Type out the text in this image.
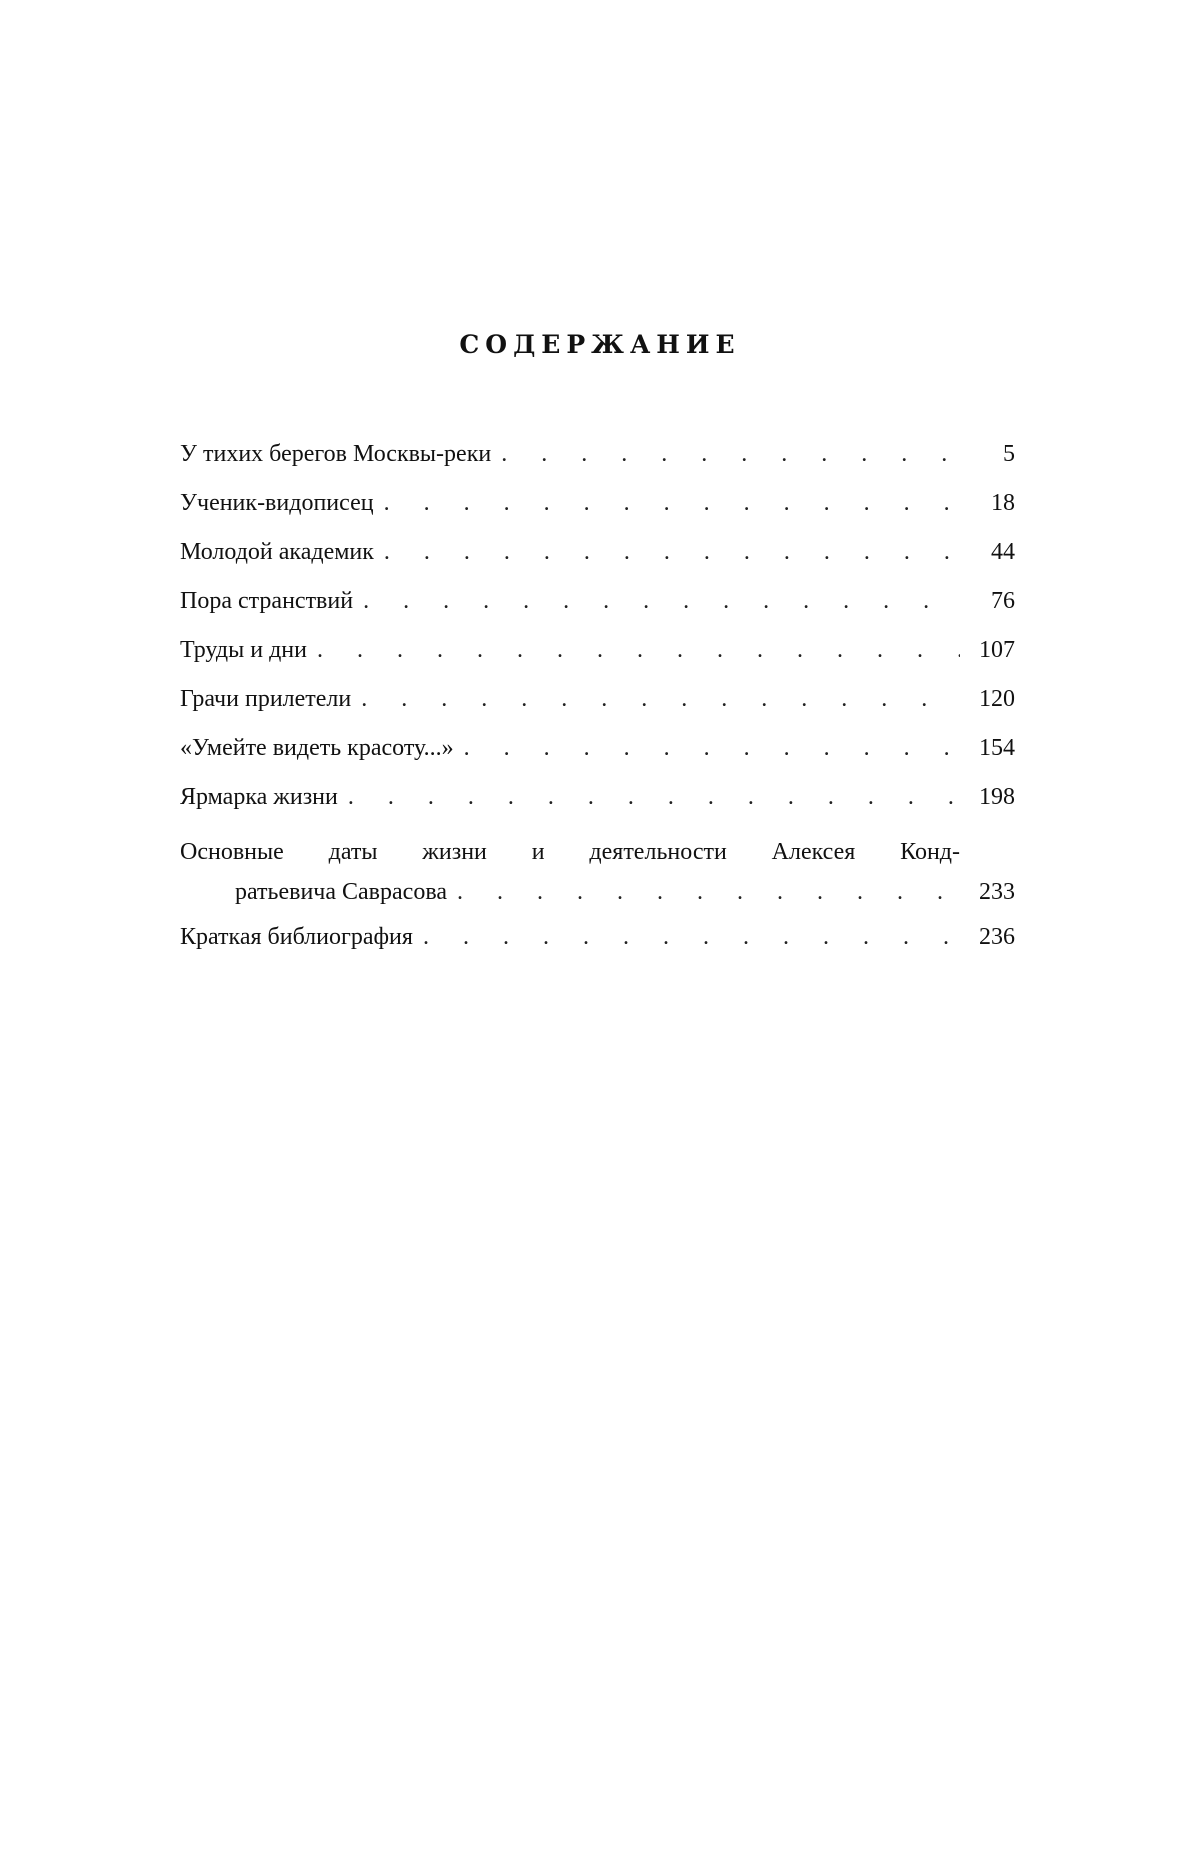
СОДЕРЖАНИЕ
У тихих берегов Москвы-реки . . .	5
Ученик-видописец . . .	18
Молодой академик . . .	44
Пора странствий . . .	76
Труды и дни . . .	107
Грачи прилетели . . .	120
«Умейте видеть красоту...» . . .	154
Ярмарка жизни . . .	198
Основные даты жизни и деятельности Алексея Конд-
ратьевича Саврасова . . .	233
Краткая библиография . . .	236
